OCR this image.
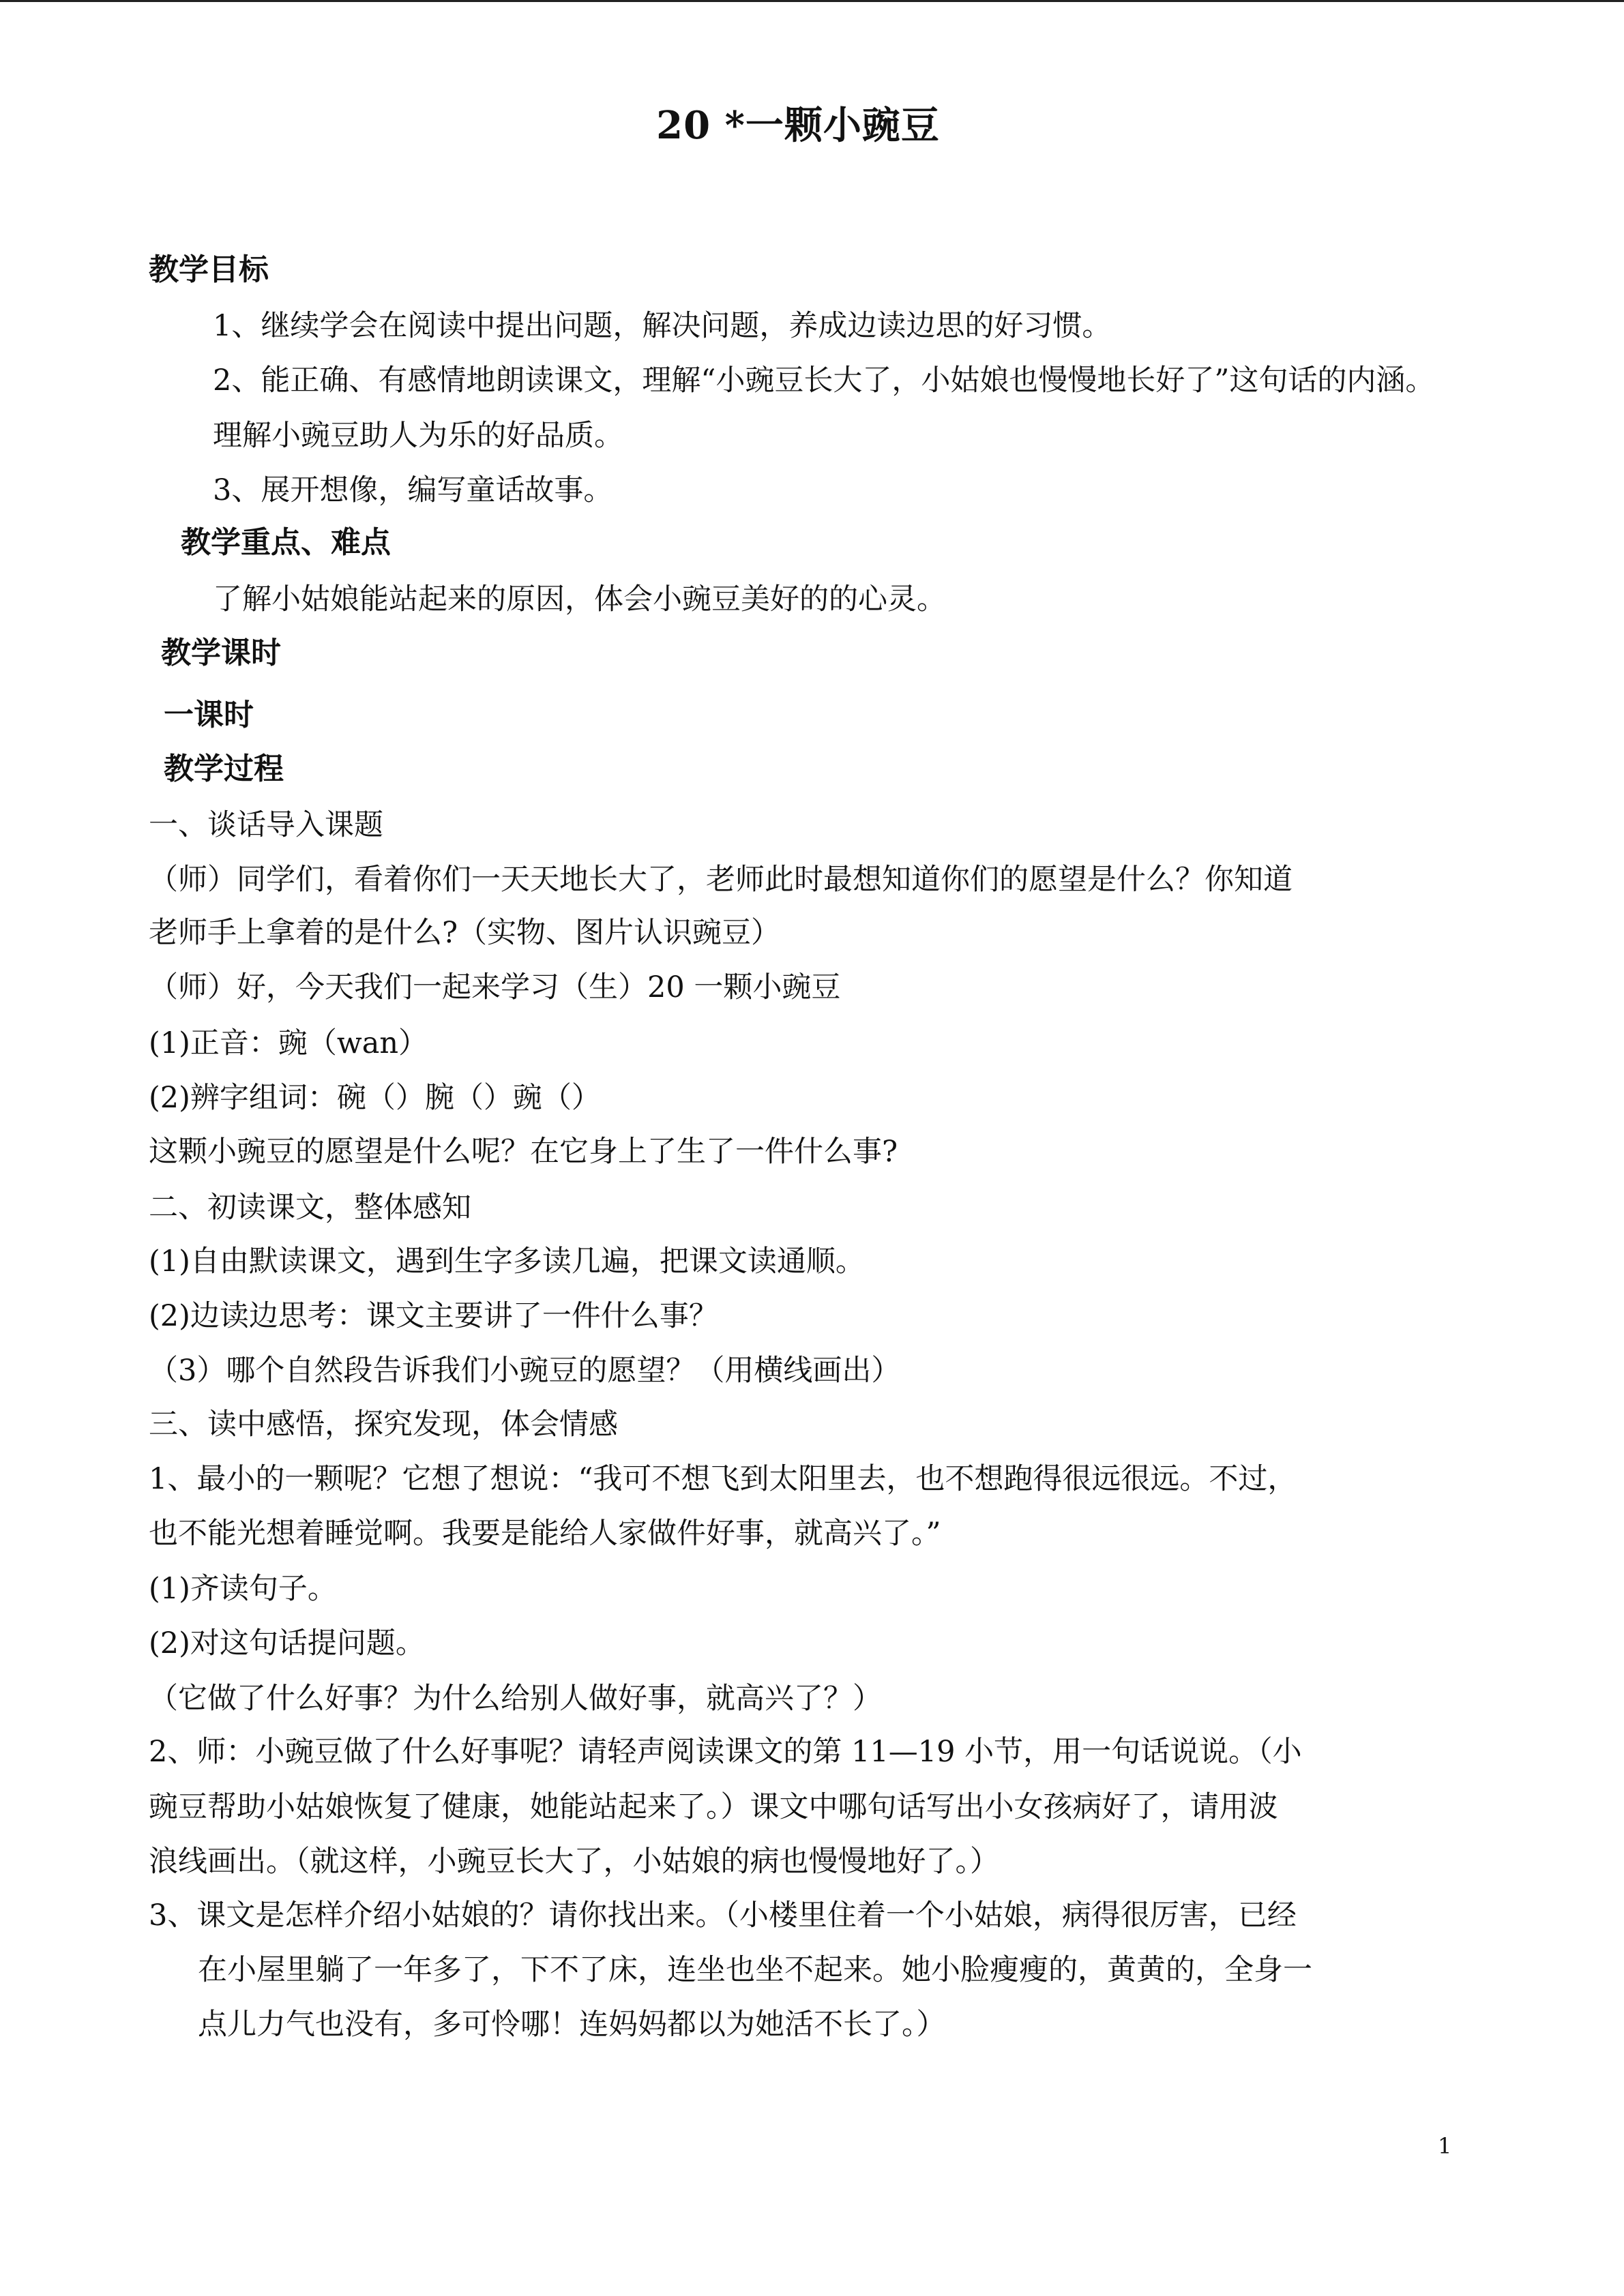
20 *一颗小豌豆
教学目标
1、继续学会在阅读中提出问题，解决问题，养成边读边思的好习惯。
2、能正确、有感情地朗读课文，理解“小豌豆长大了，小姑娘也慢慢地长好了”这句话的内涵。
理解小豌豆助人为乐的好品质。
3、展开想像，编写童话故事。
教学重点、难点
了解小姑娘能站起来的原因，体会小豌豆美好的的心灵。
教学课时
一课时
教学过程
一、谈话导入课题
（师）同学们，看着你们一天天地长大了，老师此时最想知道你们的愿望是什么？你知道
老师手上拿着的是什么?（实物、图片认识豌豆）
（师）好，今天我们一起来学习（生）20 一颗小豌豆
(1)正音：豌（wan）
(2)辨字组词：碗（）腕（）豌（）
这颗小豌豆的愿望是什么呢？在它身上了生了一件什么事?
二、初读课文，整体感知
(1)自由默读课文，遇到生字多读几遍，把课文读通顺。
(2)边读边思考：课文主要讲了一件什么事？
（3）哪个自然段告诉我们小豌豆的愿望？（用横线画出）
三、读中感悟，探究发现，体会情感
1、最小的一颗呢？它想了想说：“我可不想飞到太阳里去，也不想跑得很远很远。不过，
也不能光想着睡觉啊。我要是能给人家做件好事，就高兴了。”
(1)齐读句子。
(2)对这句话提问题。
（它做了什么好事？为什么给别人做好事，就高兴了？）
2、师：小豌豆做了什么好事呢？请轻声阅读课文的第 11—19 小节，用一句话说说。（小
豌豆帮助小姑娘恢复了健康，她能站起来了。）课文中哪句话写出小女孩病好了，请用波
浪线画出。（就这样，小豌豆长大了，小姑娘的病也慢慢地好了。）
3、课文是怎样介绍小姑娘的？请你找出来。（小楼里住着一个小姑娘，病得很厉害，已经
在小屋里躺了一年多了，下不了床，连坐也坐不起来。她小脸瘦瘦的，黄黄的，全身一
点儿力气也没有，多可怜哪！连妈妈都以为她活不长了。）
1
